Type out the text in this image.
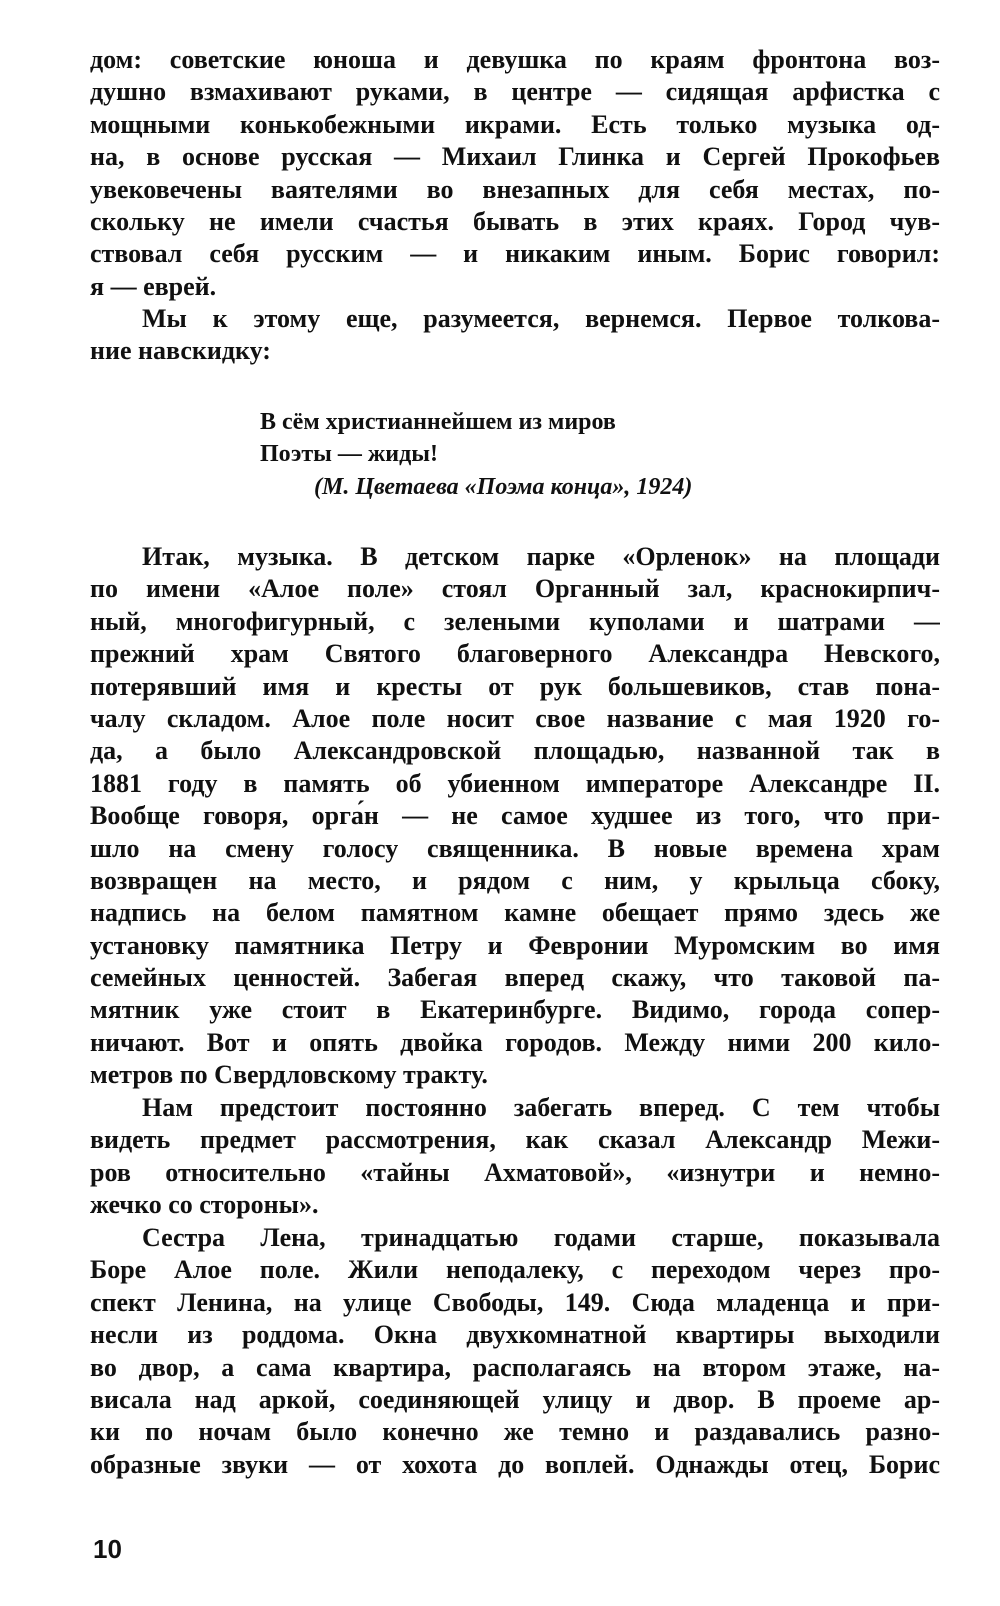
дом: советские юноша и девушка по краям фронтона воз-
душно взмахивают руками, в центре — сидящая арфистка с
мощными конькобежными икрами. Есть только музыка од-
на, в основе русская — Михаил Глинка и Сергей Прокофьев
увековечены ваятелями во внезапных для себя местах, по-
скольку не имели счастья бывать в этих краях. Город чув-
ствовал себя русским — и никаким иным. Борис говорил:
я — еврей.
Мы к этому еще, разумеется, вернемся. Первое толкова-
ние навскидку:
В сём христианнейшем из миров
Поэты — жиды!
(М. Цветаева «Поэма конца», 1924)
Итак, музыка. В детском парке «Орленок» на площади
по имени «Алое поле» стоял Органный зал, краснокирпич-
ный, многофигурный, с зелеными куполами и шатрами —
прежний храм Святого благоверного Александра Невского,
потерявший имя и кресты от рук большевиков, став пона-
чалу складом. Алое поле носит свое название с мая 1920 го-
да, а было Александровской площадью, названной так в
1881 году в память об убиенном императоре Александре II.
Вообще говоря, орга́н — не самое худшее из того, что при-
шло на смену голосу священника. В новые времена храм
возвращен на место, и рядом с ним, у крыльца сбоку,
надпись на белом памятном камне обещает прямо здесь же
установку памятника Петру и Февронии Муромским во имя
семейных ценностей. Забегая вперед скажу, что таковой па-
мятник уже стоит в Екатеринбурге. Видимо, города сопер-
ничают. Вот и опять двойка городов. Между ними 200 кило-
метров по Свердловскому тракту.
Нам предстоит постоянно забегать вперед. С тем чтобы
видеть предмет рассмотрения, как сказал Александр Межи-
ров относительно «тайны Ахматовой», «изнутри и немно-
жечко со стороны».
Сестра Лена, тринадцатью годами старше, показывала
Боре Алое поле. Жили неподалеку, с переходом через про-
спект Ленина, на улице Свободы, 149. Сюда младенца и при-
несли из роддома. Окна двухкомнатной квартиры выходили
во двор, а сама квартира, располагаясь на втором этаже, на-
висала над аркой, соединяющей улицу и двор. В проеме ар-
ки по ночам было конечно же темно и раздавались разно-
образные звуки — от хохота до воплей. Однажды отец, Борис
10
